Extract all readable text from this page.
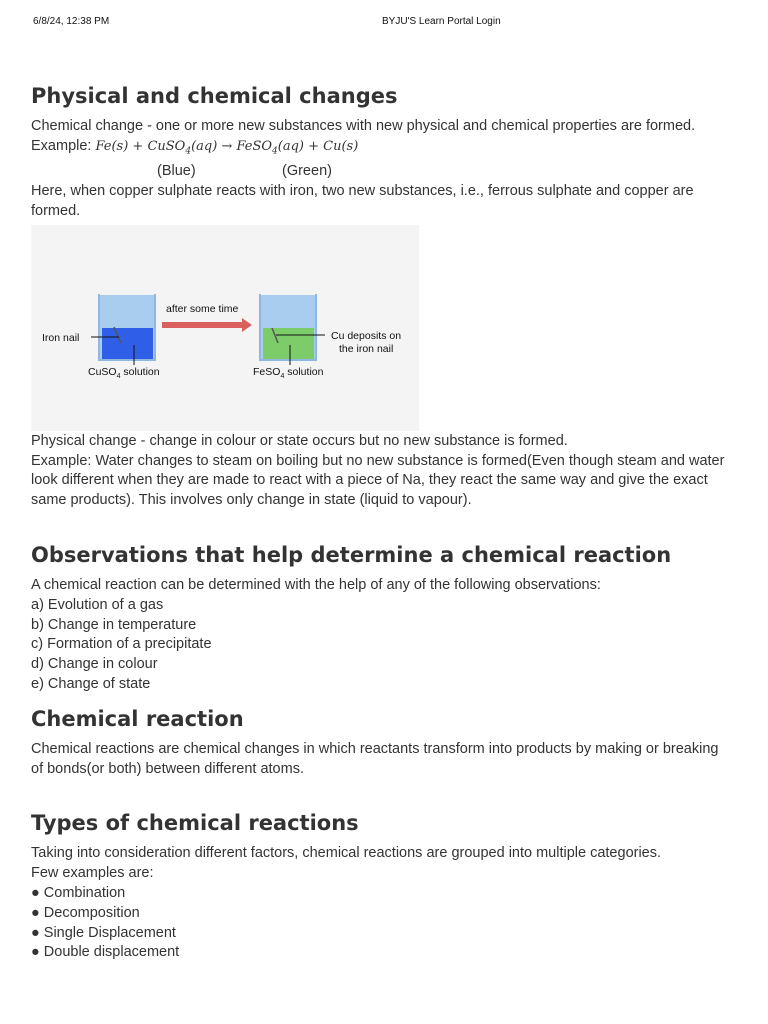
6/8/24, 12:38 PM	BYJU'S Learn Portal Login
Physical and chemical changes

Chemical change - one or more new substances with new physical and chemical properties are formed.

Example: Fe(s) + CuSO$_4$(aq) → FeSO$_4$(aq) + Cu(s)
(Blue)	(Green)

Here, when copper sulphate reacts with iron, two new substances, i.e., ferrous sulphate and copper are formed.

Iron nail
CuSO$_4$ solution
after some time
Cu deposits on
the iron nail
FeSO$_4$ solution

Physical change - change in colour or state occurs but no new substance is formed.

Example: Water changes to steam on boiling but no new substance is formed(Even though steam and water look different when they are made to react with a piece of Na, they react the same way and give the exact same products). This involves only change in state (liquid to vapour).

Observations that help determine a chemical reaction

A chemical reaction can be determined with the help of any of the following observations:

a) Evolution of a gas
b) Change in temperature
c) Formation of a precipitate
d) Change in colour
e) Change of state
Chemical reaction

Chemical reactions are chemical changes in which reactants transform into products by making or breaking of bonds(or both) between different atoms.

Types of chemical reactions

Taking into consideration different factors, chemical reactions are grouped into multiple categories.

Few examples are:

● Combination
● Decomposition
● Single Displacement
● Double displacement
